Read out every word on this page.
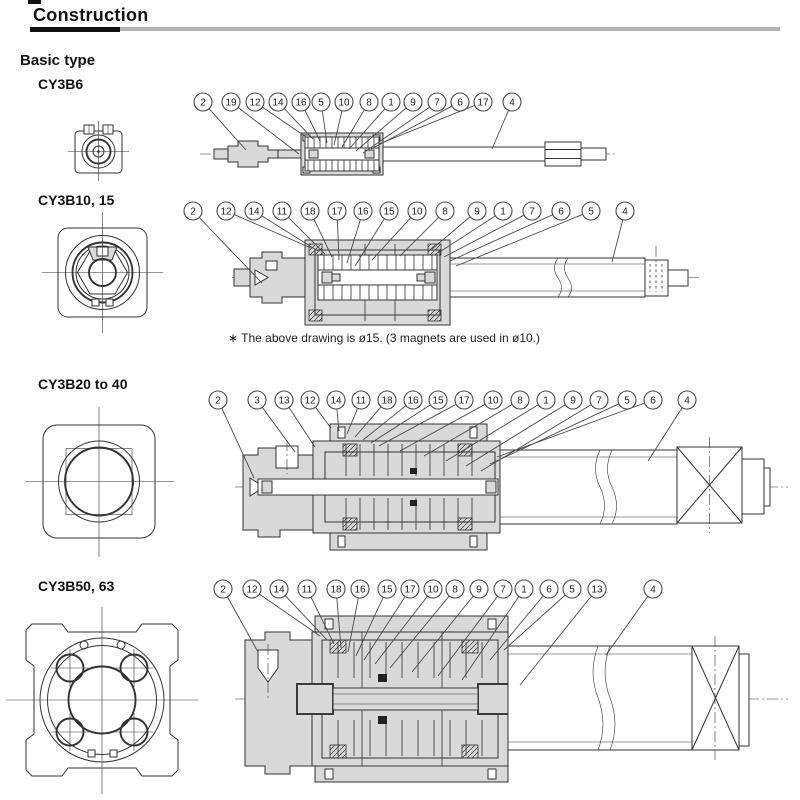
Construction
Basic type
CY3B6
CY3B10, 15
CY3B20 to 40
CY3B50, 63
∗ The above drawing is ø15. (3 magnets are used in ø10.)
2 19 12 14 16 5 10 8 1 9 7 6 17 4
2 12 14 11 18 17 16 15 10 8	9 1 7 6 5	4
2	3 13 12 14 11 18 16 15 17 10 8 1 9 7 5 6	4
2 12 14 11 18 16 15 17 10 8 9 7 1 6 5 13	4
